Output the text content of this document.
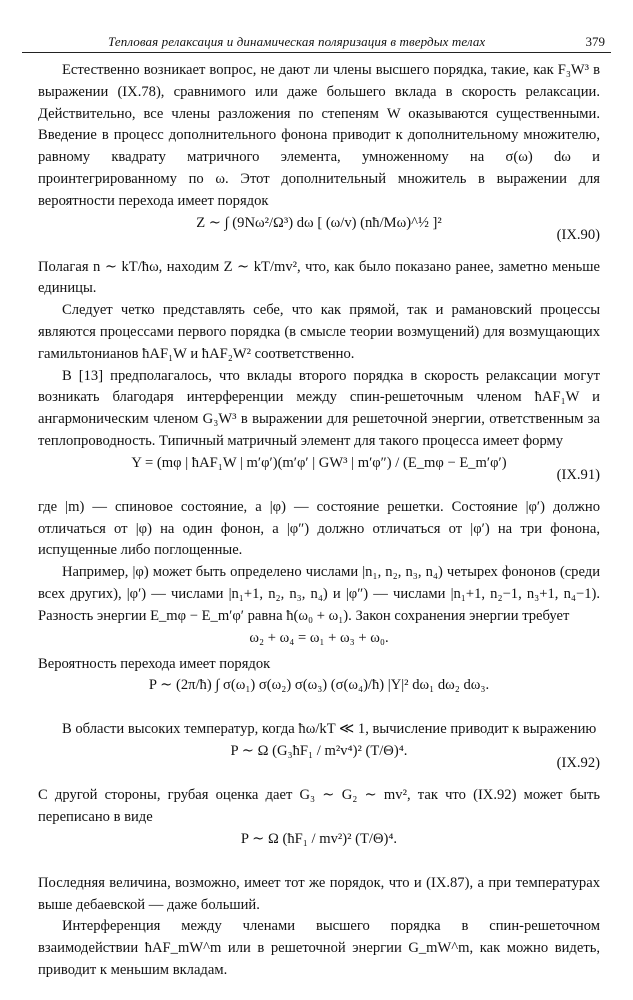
Тепловая релаксация и динамическая поляризация в твердых телах	379

Естественно возникает вопрос, не дают ли члены высшего порядка, такие, как F₃W³ в выражении (IX.78), сравнимого или даже большего вклада в скорость релаксации. Действительно, все члены разложения по степеням W оказываются существенными. Введение в процесс дополнительного фонона приводит к дополнительному множителю, равному квадрату матричного элемента, умноженному на σ(ω) dω и проинтегрированному по ω. Этот дополнительный множитель в выражении для вероятности перехода имеет порядок

Z ∼ ∫ (9Nω²/Ω³) dω [ (ω/v) (nħ/Mω)^½ ]²
(IX.90)

Полагая n ∼ kT/ħω, находим Z ∼ kT/mv², что, как было показано ранее, заметно меньше единицы.

Следует четко представлять себе, что как прямой, так и рамановский процессы являются процессами первого порядка (в смысле теории возмущений) для возмущающих гамильтонианов ħAF₁W и ħAF₂W² соответственно.

В [13] предполагалось, что вклады второго порядка в скорость релаксации могут возникать благодаря интерференции между спин-решеточным членом ħAF₁W и ангармоническим членом G₃W³ в выражении для решеточной энергии, ответственным за теплопроводность. Типичный матричный элемент для такого процесса имеет форму

Y = (mφ | ħAF₁W | m′φ′)(m′φ′ | GW³ | m′φ″) / (E_mφ − E_m′φ′)
(IX.91)

где |m) — спиновое состояние, а |φ) — состояние решетки. Состояние |φ′) должно отличаться от |φ) на один фонон, а |φ″) должно отличаться от |φ′) на три фонона, испущенные либо поглощенные.

Например, |φ) может быть определено числами |n₁, n₂, n₃, n₄) четырех фононов (среди всех других), |φ′) — числами |n₁+1, n₂, n₃, n₄) и |φ″) — числами |n₁+1, n₂−1, n₃+1, n₄−1). Разность энергии E_mφ − E_m′φ′ равна ħ(ω₀ + ω₁). Закон сохранения энергии требует

ω₂ + ω₄ = ω₁ + ω₃ + ω₀.

Вероятность перехода имеет порядок

P ∼ (2π/ħ) ∫ σ(ω₁) σ(ω₂) σ(ω₃) (σ(ω₄)/ħ) |Y|² dω₁ dω₂ dω₃.

В области высоких температур, когда ħω/kT ≪ 1, вычисление приводит к выражению

P ∼ Ω (G₃ħF₁ / m²v⁴)² (T/Θ)⁴.
(IX.92)

С другой стороны, грубая оценка дает G₃ ∼ G₂ ∼ mv², так что (IX.92) может быть переписано в виде

P ∼ Ω (ħF₁ / mv²)² (T/Θ)⁴.

Последняя величина, возможно, имеет тот же порядок, что и (IX.87), а при температурах выше дебаевской — даже больший.

Интерференция между членами высшего порядка в спин-решеточном взаимодействии ħAF_mW^m или в решеточной энергии G_mW^m, как можно видеть, приводит к меньшим вкладам.
